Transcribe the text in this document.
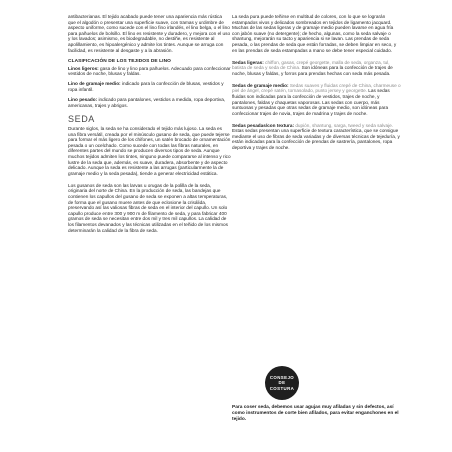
antibacterianas. El tejido acabado puede tener una apariencia más rústica que el algodón o presentar una superficie suave, con tramas y urdimbre de aspecto uniforme, como sucede con el lino fino irlandés, el lino belga, o el lino para pañuelos de bolsillo. El lino es resistente y duradero, y mejora con el uso y los lavados; asimismo, es biodegradable, no destiñe, es resistente al apolillamiento, es hipoalergénico y admite los tintes. Aunque se arruga con facilidad, es resistente al desgaste y a la abrasión.

CLASIFICACIÓN DE LOS TEJIDOS DE LINO

Linos ligeros: gasa de lino y lino para pañuelos. Adecuado para confeccionar vestidos de noche, blusas y faldas.

Lino de gramaje medio: indicado para la confección de blusas, vestidos y ropa infantil.

Lino pesado: indicado para pantalones, vestidos a medida, ropa deportiva, americanas, trajes y abrigos.

SEDA

Durante siglos, la seda se ha considerado el tejido más lujoso. La seda es una fibra versátil, creada por el minúsculo gusano de seda, que puede tejerse para formar el más ligero de los chifones, un satén brocado de ornamentación pesada o un ocelchado. Como sucede con todas las fibras naturales, en diferentes partes del mundo se producen diversos tipos de seda. Aunque muchos tejidos admiten los tintes, ninguno puede compararse al intenso y rico lustre de la seda que, además, es suave, duradera, absorbente y de aspecto delicado. Aunque la seda es resistente a las arrugas (particularmente la de gramaje medio y la seda pesada), tiende a generar electricidad estática.

Los gusanos de seda son las larvas u orugas de la polilla de la seda, originaria del norte de China. En la producción de seda, las bandejas que contienen los capullos del gusano de seda se exponen a altas temperaturas, de forma que el gusano muere antes de que eclosione la crisálida, preservando así las valiosas fibras de seda en el interior del capullo. Un solo capullo produce entre 300 y 900 m de filamento de seda, y para fabricar 400 gramos de seda se necesitan entre dos mil y tres mil capullos. La calidad de los filamentos devanados y las técnicas utilizadas en el teñido de los mismos determinarán la calidad de la fibra de seda.

La seda pura puede teñirse en multitud de colores, con lo que se lograrán estampados vivos y delicados sombreados en tejidos de ligamento jacquard. Muchas de las sedas ligeras y de gramaje medio pueden lavarse en agua fría con jabón suave (no detergente); de hecho, algunas, como la seda salvaje o shantung, mejorarán su tacto y apariencia si se lavan. Las prendas de seda pesada, o las prendas de seda que están forradas, se deben limpiar en seco, y en las prendas de seda estampadas a mano se debe tener especial cuidado.

Sedas ligeras: chiffon, gasas, crepé georgette, malla de seda, organza, tul, batista de seda y seda de China. Son idóneas para la confección de trajes de noche, blusas y faldas, y forros para prendas hechas con seda más pesada.

Sedas de gramaje medio: Sedas suaves y fluidas crepé de China, charmeuse o piel de ángel, crepé satén, tornasolado, punto jersey y georgette. Las sedas fluidas son indicadas para la confección de vestidos, trajes de noche, y pantalones, faldas y chaquetas vaporosas. Las sedas con cuerpo, más suntuosas y pesadas que otras sedas de gramaje medio, son idóneas para confeccionar trajes de novia, trajes de madrina y trajes de noche.

Sedas pesadas/con textura: dupión, shantung, sarga, tweed y seda salvaje. Estas sedas presentan una superficie de textura característica, que se consigue mediante el uso de fibras de seda variadas y de diversas técnicas de tejeduría, y están indicadas para la confección de prendas de sastrería, pantalones, ropa deportiva y trajes de noche.

CONSEJO
DE
COSTURA
Para coser seda, debemos usar agujas muy afiladas y sin defectos, así como instrumentos de corte bien afilados, para evitar enganchones en el tejido.
